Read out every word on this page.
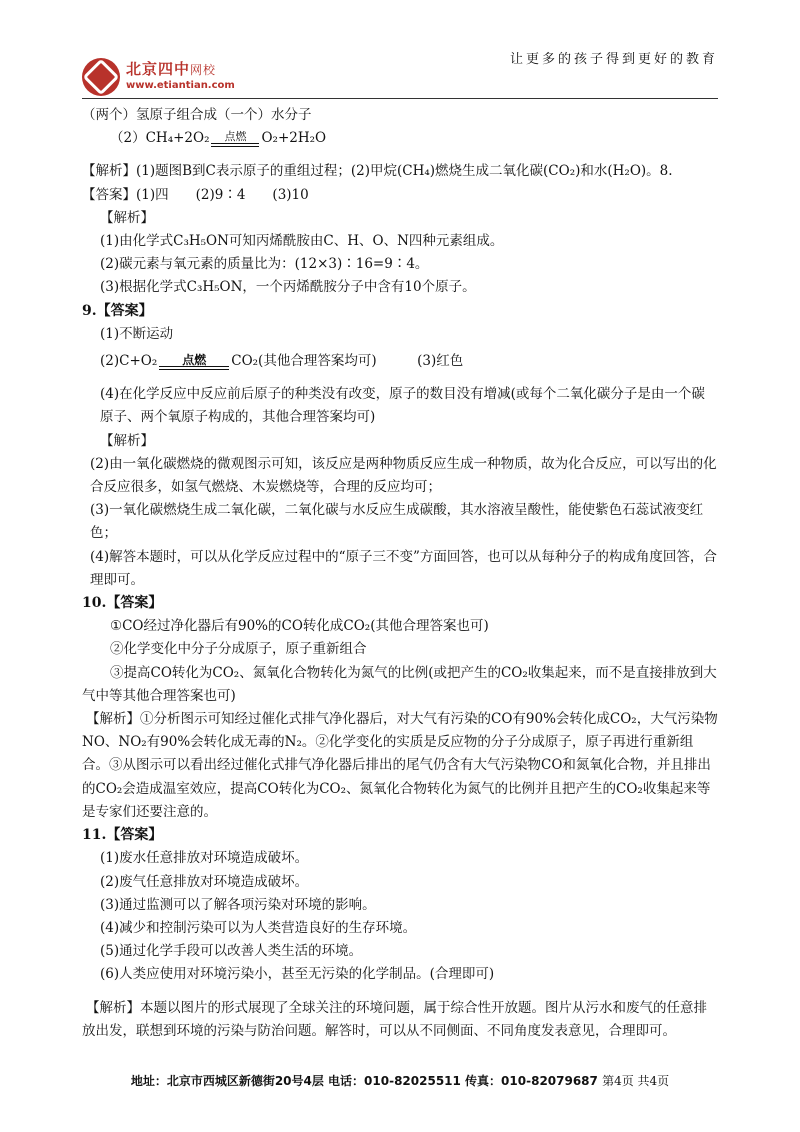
北京四中网校
www.etiantian.com
让更多的孩子得到更好的教育
（两个）氢原子组合成（一个）水分子
（2）CH₄+2O₂	点燃	O₂+2H₂O
【解析】(1)题图B到C表示原子的重组过程；(2)甲烷(CH₄)燃烧生成二氧化碳(CO₂)和水(H₂O)。8.
【答案】(1)四　　(2)9∶4　　(3)10
【解析】
(1)由化学式C₃H₅ON可知丙烯酰胺由C、H、O、N四种元素组成。
(2)碳元素与氧元素的质量比为：(12×3)∶16=9∶4。
(3)根据化学式C₃H₅ON，一个丙烯酰胺分子中含有10个原子。
9.【答案】
(1)不断运动
(2)C+O₂	点燃	CO₂(其他合理答案均可)　　　(3)红色
(4)在化学反应中反应前后原子的种类没有改变，原子的数目没有增减(或每个二氧化碳分子是由一个碳原子、两个氧原子构成的，其他合理答案均可)
【解析】
(2)由一氧化碳燃烧的微观图示可知，该反应是两种物质反应生成一种物质，故为化合反应，可以写出的化合反应很多，如氢气燃烧、木炭燃烧等，合理的反应均可；
(3)一氧化碳燃烧生成二氧化碳，二氧化碳与水反应生成碳酸，其水溶液呈酸性，能使紫色石蕊试液变红色；
(4)解答本题时，可以从化学反应过程中的“原子三不变”方面回答，也可以从每种分子的构成角度回答，合理即可。
10.【答案】
①CO经过净化器后有90%的CO转化成CO₂(其他合理答案也可)
②化学变化中分子分成原子，原子重新组合
③提高CO转化为CO₂、氮氧化合物转化为氮气的比例(或把产生的CO₂收集起来，而不是直接排放到大气中等其他合理答案也可)
【解析】①分析图示可知经过催化式排气净化器后，对大气有污染的CO有90%会转化成CO₂，大气污染物NO、NO₂有90%会转化成无毒的N₂。②化学变化的实质是反应物的分子分成原子，原子再进行重新组合。③从图示可以看出经过催化式排气净化器后排出的尾气仍含有大气污染物CO和氮氧化合物，并且排出的CO₂会造成温室效应，提高CO转化为CO₂、氮氧化合物转化为氮气的比例并且把产生的CO₂收集起来等是专家们还要注意的。
11.【答案】
(1)废水任意排放对环境造成破坏。
(2)废气任意排放对环境造成破坏。
(3)通过监测可以了解各项污染对环境的影响。
(4)减少和控制污染可以为人类营造良好的生存环境。
(5)通过化学手段可以改善人类生活的环境。
(6)人类应使用对环境污染小，甚至无污染的化学制品。(合理即可)
【解析】本题以图片的形式展现了全球关注的环境问题，属于综合性开放题。图片从污水和废气的任意排放出发，联想到环境的污染与防治问题。解答时，可以从不同侧面、不同角度发表意见，合理即可。
地址：北京市西城区新德街20号4层 电话：010-82025511 传真：010-82079687 第4页 共4页
